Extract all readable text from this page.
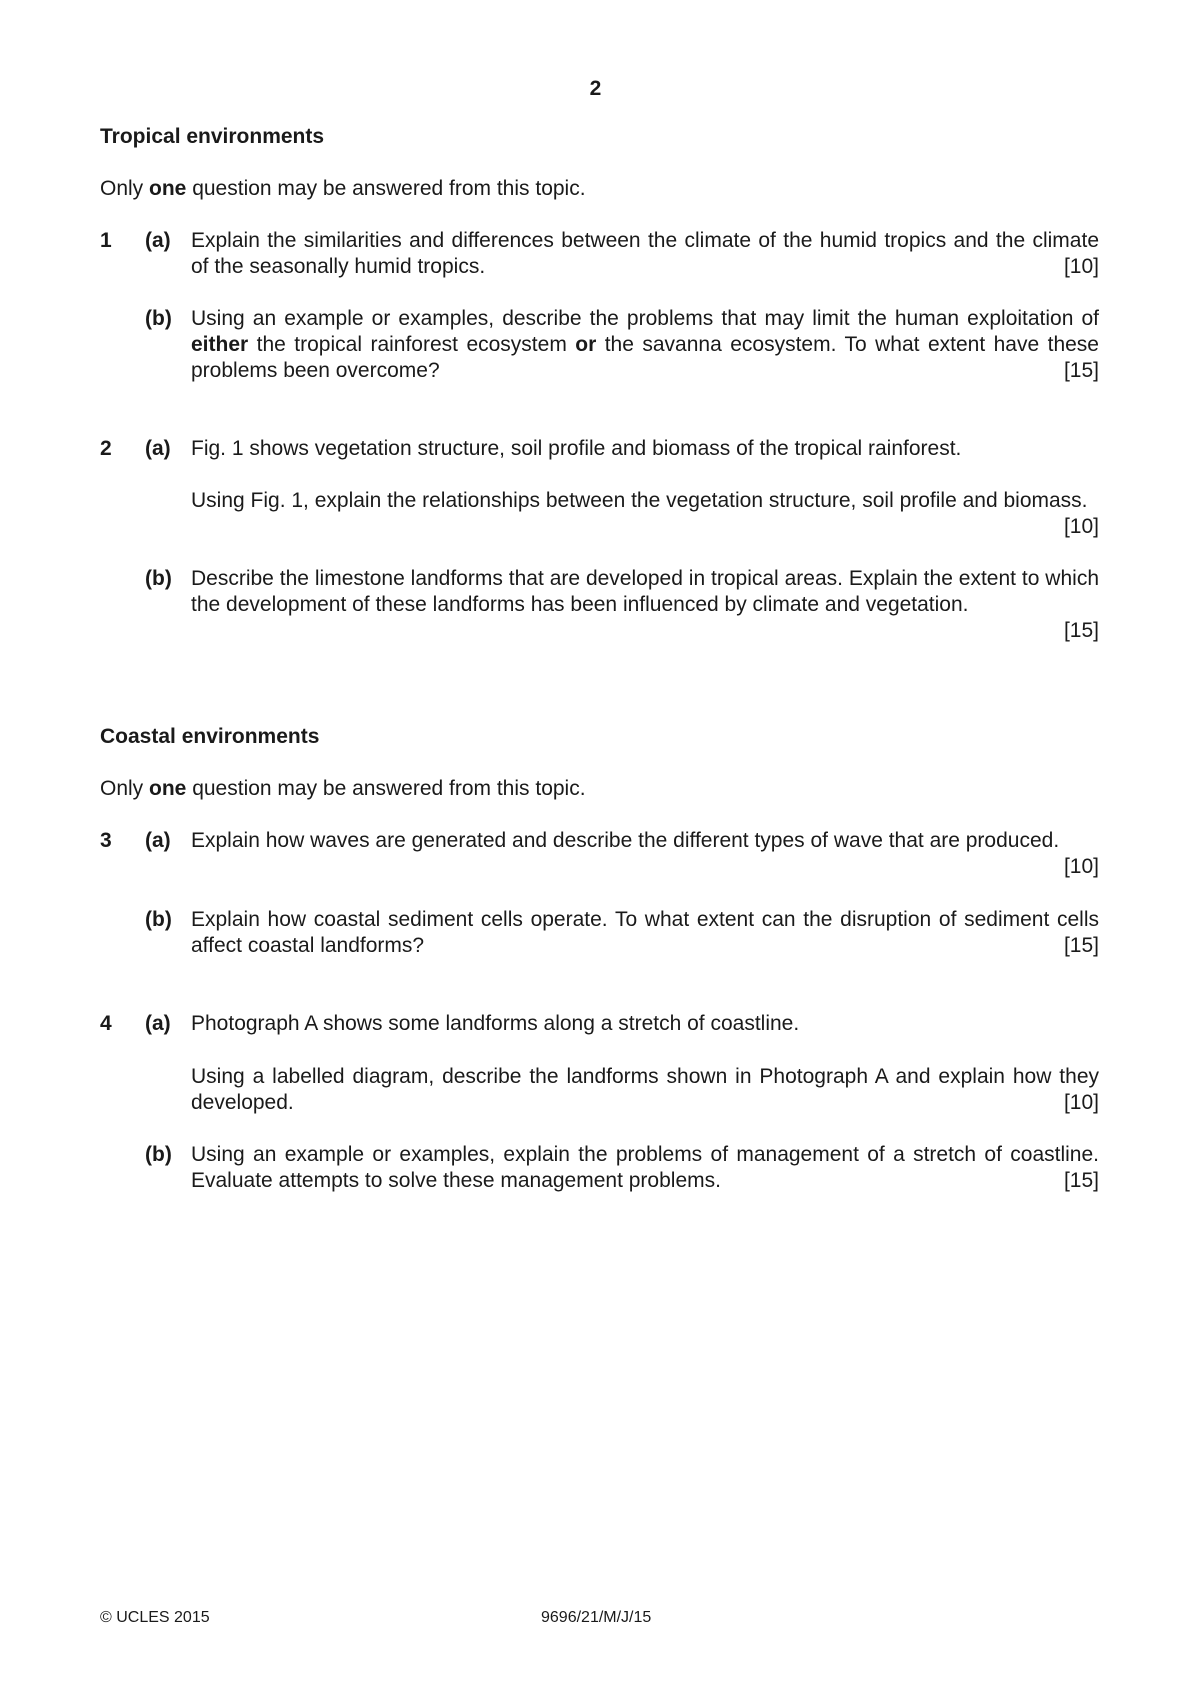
2
Tropical environments
Only one question may be answered from this topic.
1 (a) Explain the similarities and differences between the climate of the humid tropics and the climate of the seasonally humid tropics.	[10]

(b) Using an example or examples, describe the problems that may limit the human exploitation of either the tropical rainforest ecosystem or the savanna ecosystem. To what extent have these problems been overcome?	[15]

2 (a) Fig. 1 shows vegetation structure, soil profile and biomass of the tropical rainforest.

Using Fig. 1, explain the relationships between the vegetation structure, soil profile and biomass.
[10]

(b) Describe the limestone landforms that are developed in tropical areas. Explain the extent to which the development of these landforms has been influenced by climate and vegetation.

[15]

Coastal environments
Only one question may be answered from this topic.
3 (a) Explain how waves are generated and describe the different types of wave that are produced.

[10]

(b) Explain how coastal sediment cells operate. To what extent can the disruption of sediment cells affect coastal landforms?	[15]

4 (a) Photograph A shows some landforms along a stretch of coastline.

Using a labelled diagram, describe the landforms shown in Photograph A and explain how they developed.	[10]

(b) Using an example or examples, explain the problems of management of a stretch of coastline. Evaluate attempts to solve these management problems.	[15]

© UCLES 2015	9696/21/M/J/15
